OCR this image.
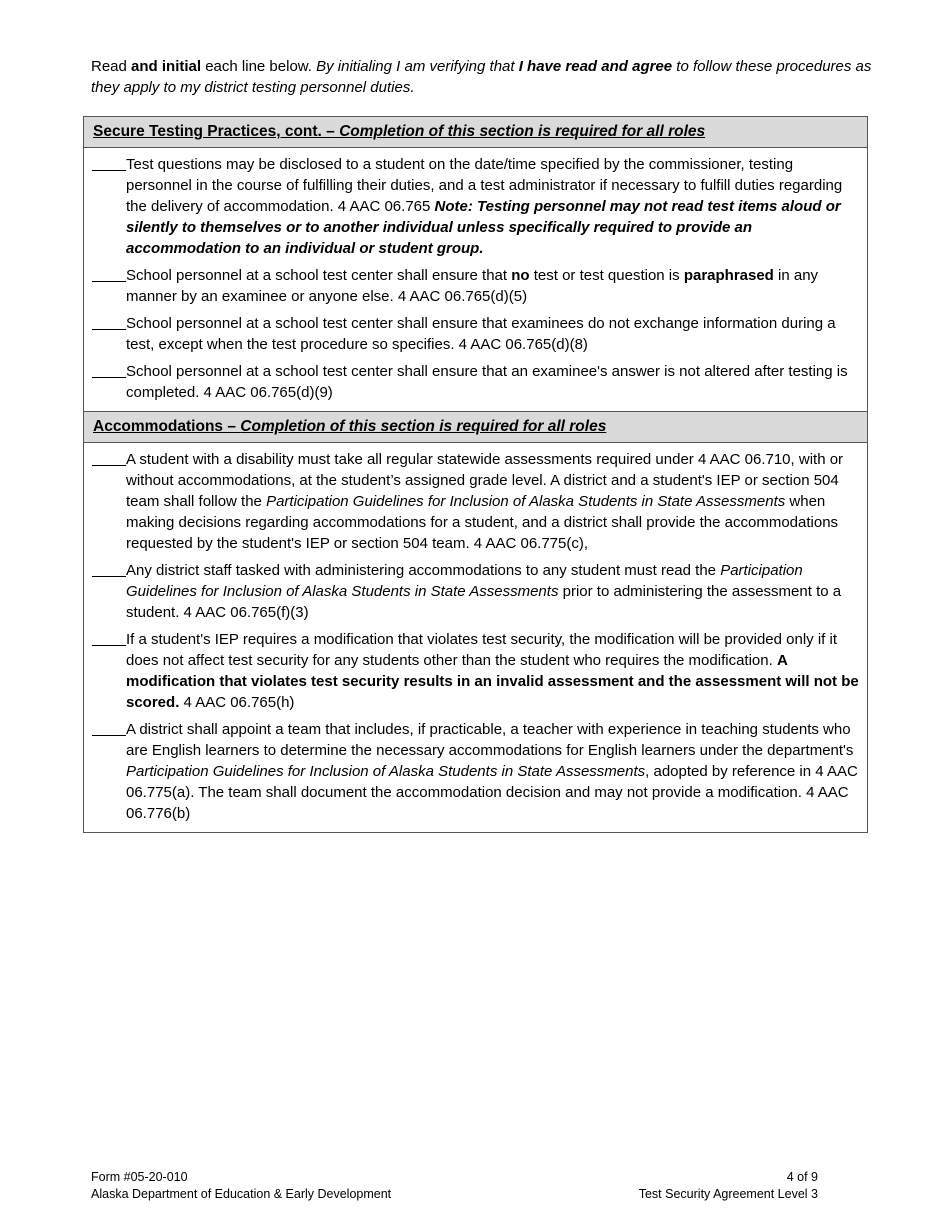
Read and initial each line below. By initialing I am verifying that I have read and agree to follow these procedures as they apply to my district testing personnel duties.
Secure Testing Practices, cont. – Completion of this section is required for all roles
Test questions may be disclosed to a student on the date/time specified by the commissioner, testing personnel in the course of fulfilling their duties, and a test administrator if necessary to fulfill duties regarding the delivery of accommodation. 4 AAC 06.765 Note: Testing personnel may not read test items aloud or silently to themselves or to another individual unless specifically required to provide an accommodation to an individual or student group.
School personnel at a school test center shall ensure that no test or test question is paraphrased in any manner by an examinee or anyone else. 4 AAC 06.765(d)(5)
School personnel at a school test center shall ensure that examinees do not exchange information during a test, except when the test procedure so specifies. 4 AAC 06.765(d)(8)
School personnel at a school test center shall ensure that an examinee's answer is not altered after testing is completed. 4 AAC 06.765(d)(9)
Accommodations – Completion of this section is required for all roles
A student with a disability must take all regular statewide assessments required under 4 AAC 06.710, with or without accommodations, at the student’s assigned grade level. A district and a student's IEP or section 504 team shall follow the Participation Guidelines for Inclusion of Alaska Students in State Assessments when making decisions regarding accommodations for a student, and a district shall provide the accommodations requested by the student's IEP or section 504 team. 4 AAC 06.775(c),
Any district staff tasked with administering accommodations to any student must read the Participation Guidelines for Inclusion of Alaska Students in State Assessments prior to administering the assessment to a student. 4 AAC 06.765(f)(3)
If a student's IEP requires a modification that violates test security, the modification will be provided only if it does not affect test security for any students other than the student who requires the modification. A modification that violates test security results in an invalid assessment and the assessment will not be scored. 4 AAC 06.765(h)
A district shall appoint a team that includes, if practicable, a teacher with experience in teaching students who are English learners to determine the necessary accommodations for English learners under the department's Participation Guidelines for Inclusion of Alaska Students in State Assessments, adopted by reference in 4 AAC 06.775(a). The team shall document the accommodation decision and may not provide a modification. 4 AAC 06.776(b)
Form #05-20-010
Alaska Department of Education & Early Development
4 of 9
Test Security Agreement Level 3
